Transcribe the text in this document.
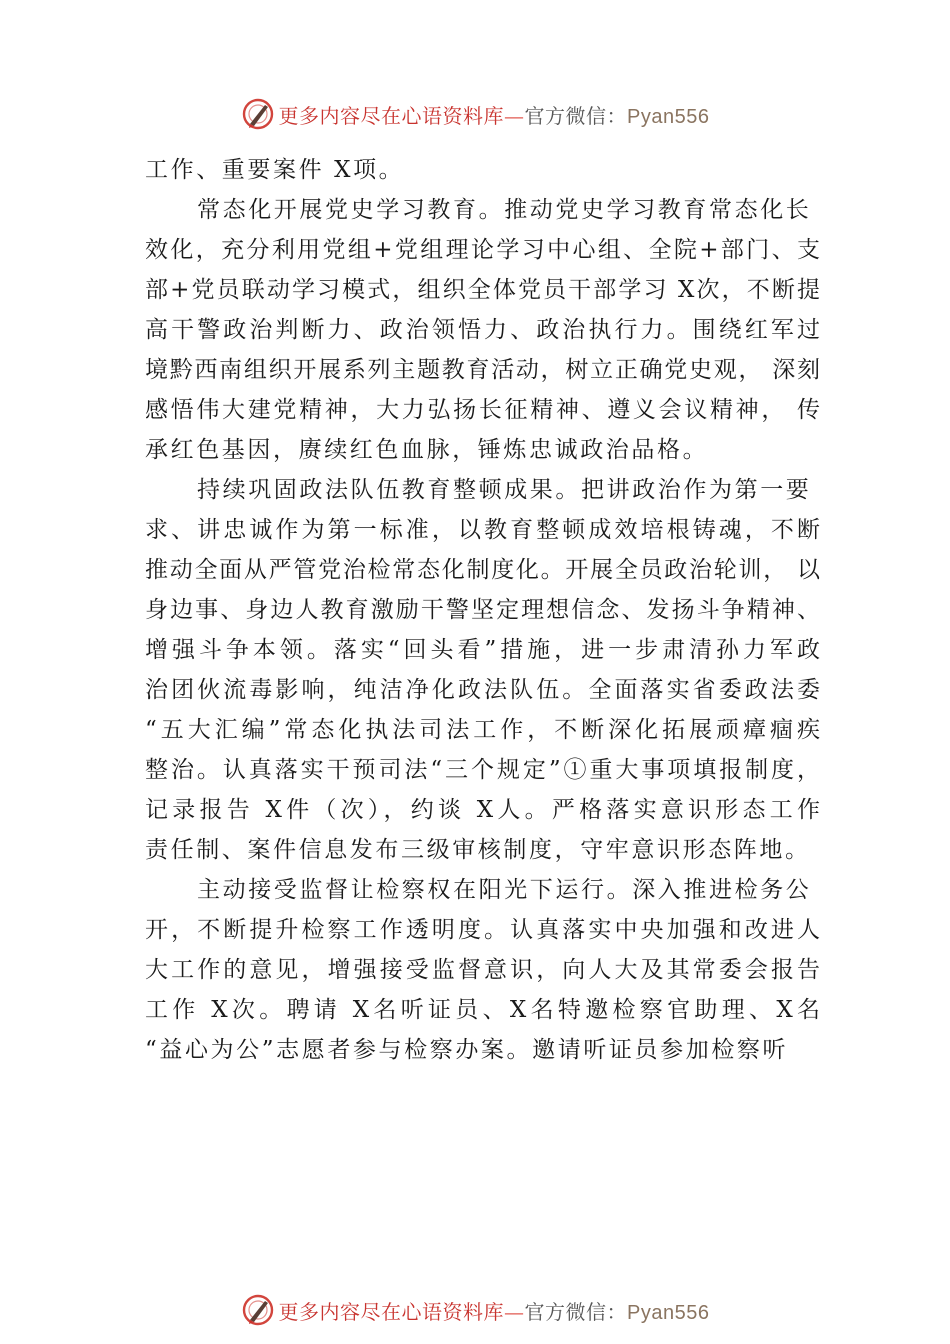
更多内容尽在心语资料库—官方微信：Pyan556
工作、重要案件 X项。
常态化开展党史学习教育。推动党史学习教育常态化长
效化，充分利用党组+党组理论学习中心组、全院+部门、支
部+党员联动学习模式，组织全体党员干部学习 X次，不断提
高干警政治判断力、政治领悟力、政治执行力。围绕红军过
境黔西南组织开展系列主题教育活动，树立正确党史观， 深刻
感悟伟大建党精神，大力弘扬长征精神、遵义会议精神， 传
承红色基因，赓续红色血脉，锤炼忠诚政治品格。
持续巩固政法队伍教育整顿成果。把讲政治作为第一要
求、讲忠诚作为第一标准，以教育整顿成效培根铸魂，不断
推动全面从严管党治检常态化制度化。开展全员政治轮训， 以
身边事、身边人教育激励干警坚定理想信念、发扬斗争精神、
增强斗争本领。落实“回头看”措施，进一步肃清孙力军政
治团伙流毒影响，纯洁净化政法队伍。全面落实省委政法委
“五大汇编”常态化执法司法工作，不断深化拓展顽瘴痼疾
整治。认真落实干预司法“三个规定”①重大事项填报制度，
记录报告 X件（次），约谈 X人。严格落实意识形态工作
责任制、案件信息发布三级审核制度，守牢意识形态阵地。
主动接受监督让检察权在阳光下运行。深入推进检务公
开，不断提升检察工作透明度。认真落实中央加强和改进人
大工作的意见，增强接受监督意识，向人大及其常委会报告
工作 X次。聘请 X名听证员、X名特邀检察官助理、X名
“益心为公”志愿者参与检察办案。邀请听证员参加检察听
更多内容尽在心语资料库—官方微信：Pyan556
